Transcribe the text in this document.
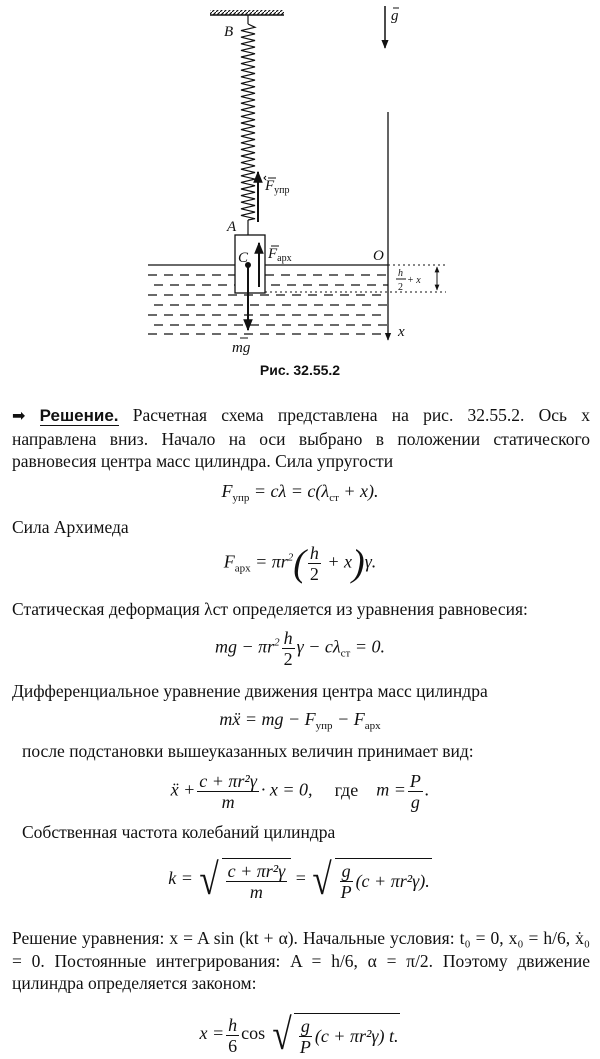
B
A
C	O
g
x
$F_{упр}$
$F_{арх}$
mg
h
2
+ x
Рис. 32.55.2
➡ Решение. Расчетная схема представлена на рис. 32.55.2. Ось x направлена вниз. Начало на оси выбрано в положении статического равновесия центра масс цилиндра. Сила упругости
$F_{упр} = c\lambda = c(\lambda_{ст} + x)$.
Сила Архимеда
$F_{арх} = \pi r^2( \frac{h}{2} + x)\gamma$.
Статическая деформация λст определяется из уравнения равновесия:
mg − $\pi r^2 \frac{h}{2}$ $\gamma - c\lambda_{ст} = 0$.
Дифференциальное уравнение движения центра масс цилиндра
mẍ = mg − $F_{упр} - F_{арх}$
после подстановки вышеуказанных величин принимает вид:
ẍ + $\frac{\text{c + πr²γ}}{m} \cdot x = 0$, где $m = \frac{P}{g}$ .
Собственная частота колебаний цилиндра
k = √ $\frac{\text{c + πr²γ}}{m}$ = √ $\frac{g}{P} (c + \pi r^2\gamma)$.
Решение уравнения: x = A sin (kt + α). Начальные условия: t₀ = 0, x₀ = h/6, ẋ₀ = 0. Постоянные интегрирования: A = h/6, α = π/2. Поэтому движение цилиндра определяется законом:
$x = \frac{h}{6}$ cos √ $\frac{g}{P} (c + \pi r^2\gamma)$ t.
